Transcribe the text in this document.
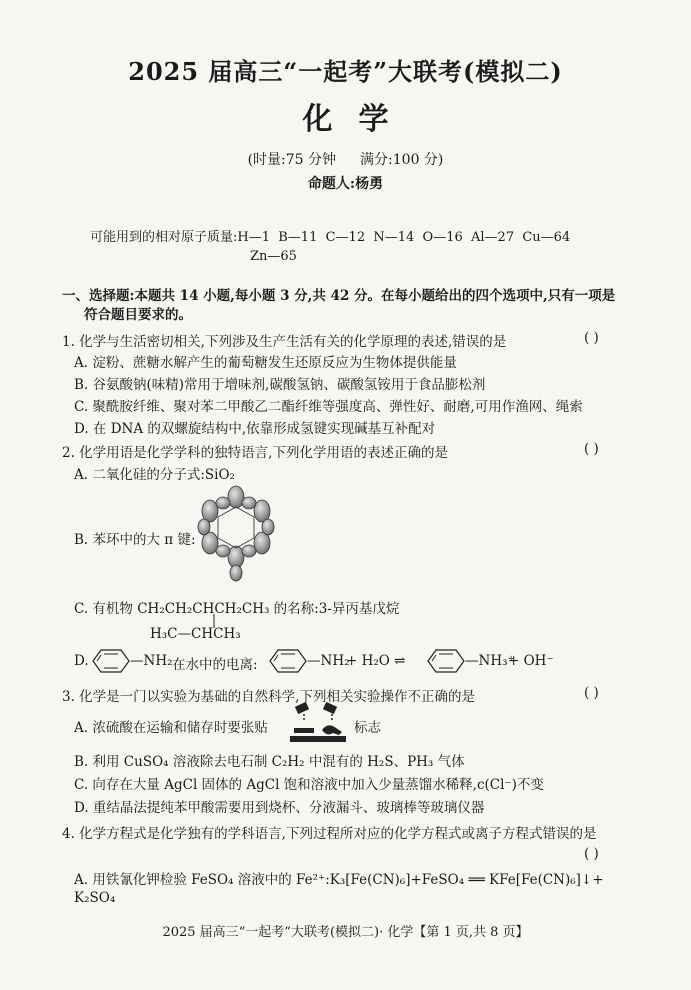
2025 届高三“一起考”大联考(模拟二)
化学
(时量:75 分钟 满分:100 分)
命题人:杨勇
可能用到的相对原子质量:H—1  B—11  C—12  N—14  O—16  Al—27  Cu—64
Zn—65
一、选择题:本题共 14 小题,每小题 3 分,共 42 分。在每小题给出的四个选项中,只有一项是
符合题目要求的。
1. 化学与生活密切相关,下列涉及生产生活有关的化学原理的表述,错误的是	( )
A. 淀粉、蔗糖水解产生的葡萄糖发生还原反应为生物体提供能量
B. 谷氨酸钠(味精)常用于增味剂,碳酸氢钠、碳酸氢铵用于食品膨松剂
C. 聚酰胺纤维、聚对苯二甲酸乙二酯纤维等强度高、弹性好、耐磨,可用作渔网、绳索
D. 在 DNA 的双螺旋结构中,依靠形成氢键实现碱基互补配对
2. 化学用语是化学学科的独特语言,下列化学用语的表述正确的是	( )
A. 二氧化硅的分子式:SiO₂
B. 苯环中的大 π 键:
C. 有机物 CH₂CH₂CHCH₂CH₃ 的名称:3-异丙基戊烷
H₃C—CHCH₃
D.	—NH₂ 在水中的电离:	—NH₂
+ H₂O ⇌	—NH₃⁺
+ OH⁻
3. 化学是一门以实验为基础的自然科学,下列相关实验操作不正确的是	( )
A. 浓硫酸在运输和储存时要张贴	标志
B. 利用 CuSO₄ 溶液除去电石制 C₂H₂ 中混有的 H₂S、PH₃ 气体
C. 向存在大量 AgCl 固体的 AgCl 饱和溶液中加入少量蒸馏水稀释,c(Cl⁻)不变
D. 重结晶法提纯苯甲酸需要用到烧杯、分液漏斗、玻璃棒等玻璃仪器
4. 化学方程式是化学独有的学科语言,下列过程所对应的化学方程式或离子方程式错误的是
( )
A. 用铁氰化钾检验 FeSO₄ 溶液中的 Fe²⁺:K₃[Fe(CN)₆]+FeSO₄ ══ KFe[Fe(CN)₆]↓+
K₂SO₄
2025 届高三“一起考”大联考(模拟二)· 化学【第 1 页,共 8 页】
